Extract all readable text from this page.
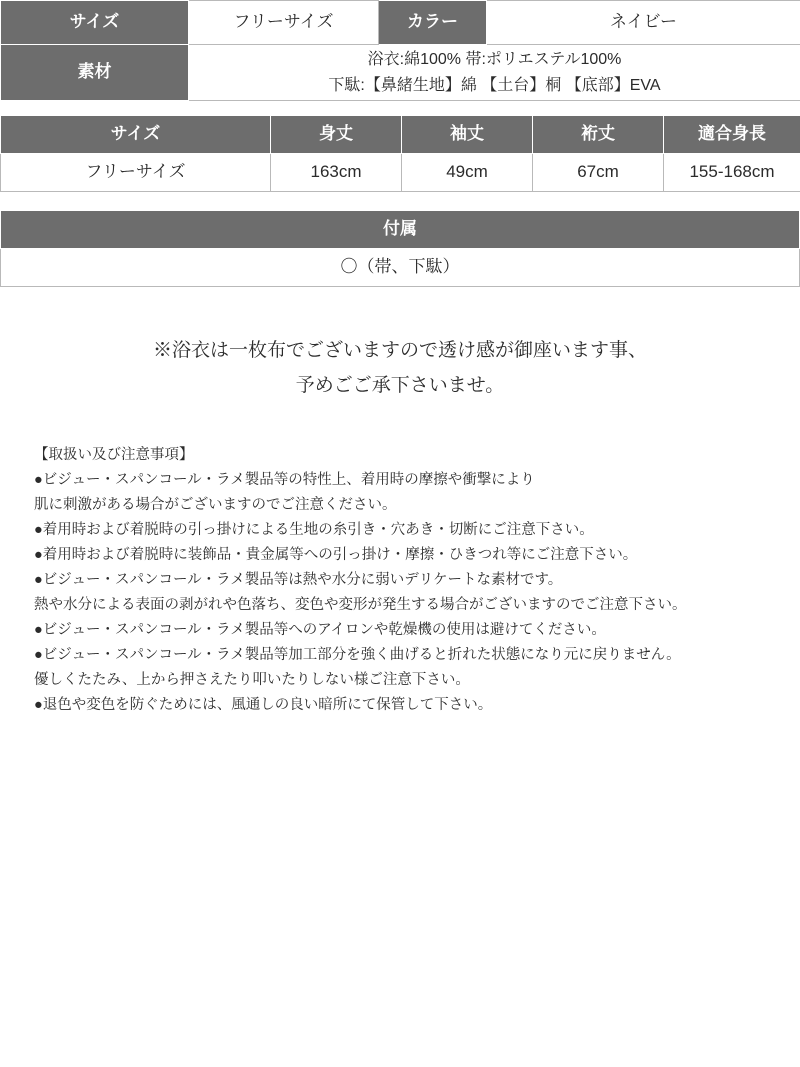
サイズ	フリーサイズ	カラー	ネイビー
素材	浴衣:綿100% 帯:ポリエステル100%
下駄:【鼻緒生地】綿 【土台】桐 【底部】EVA		
サイズ	身丈	袖丈	裄丈	適合身長
フリーサイズ	163cm	49cm	67cm	155-168cm
付属
〇（帯、下駄）
※浴衣は一枚布でございますので透け感が御座います事、
予めごご承下さいませ。
【取扱い及び注意事項】
●ビジュー・スパンコール・ラメ製品等の特性上、着用時の摩擦や衝撃により
肌に刺激がある場合がございますのでご注意ください。
●着用時および着脱時の引っ掛けによる生地の糸引き・穴あき・切断にご注意下さい。
●着用時および着脱時に装飾品・貴金属等への引っ掛け・摩擦・ひきつれ等にご注意下さい。
●ビジュー・スパンコール・ラメ製品等は熱や水分に弱いデリケートな素材です。
熱や水分による表面の剥がれや色落ち、変色や変形が発生する場合がございますのでご注意下さい。
●ビジュー・スパンコール・ラメ製品等へのアイロンや乾燥機の使用は避けてください。
●ビジュー・スパンコール・ラメ製品等加工部分を強く曲げると折れた状態になり元に戻りません。
優しくたたみ、上から押さえたり叩いたりしない様ご注意下さい。
●退色や変色を防ぐためには、風通しの良い暗所にて保管して下さい。
